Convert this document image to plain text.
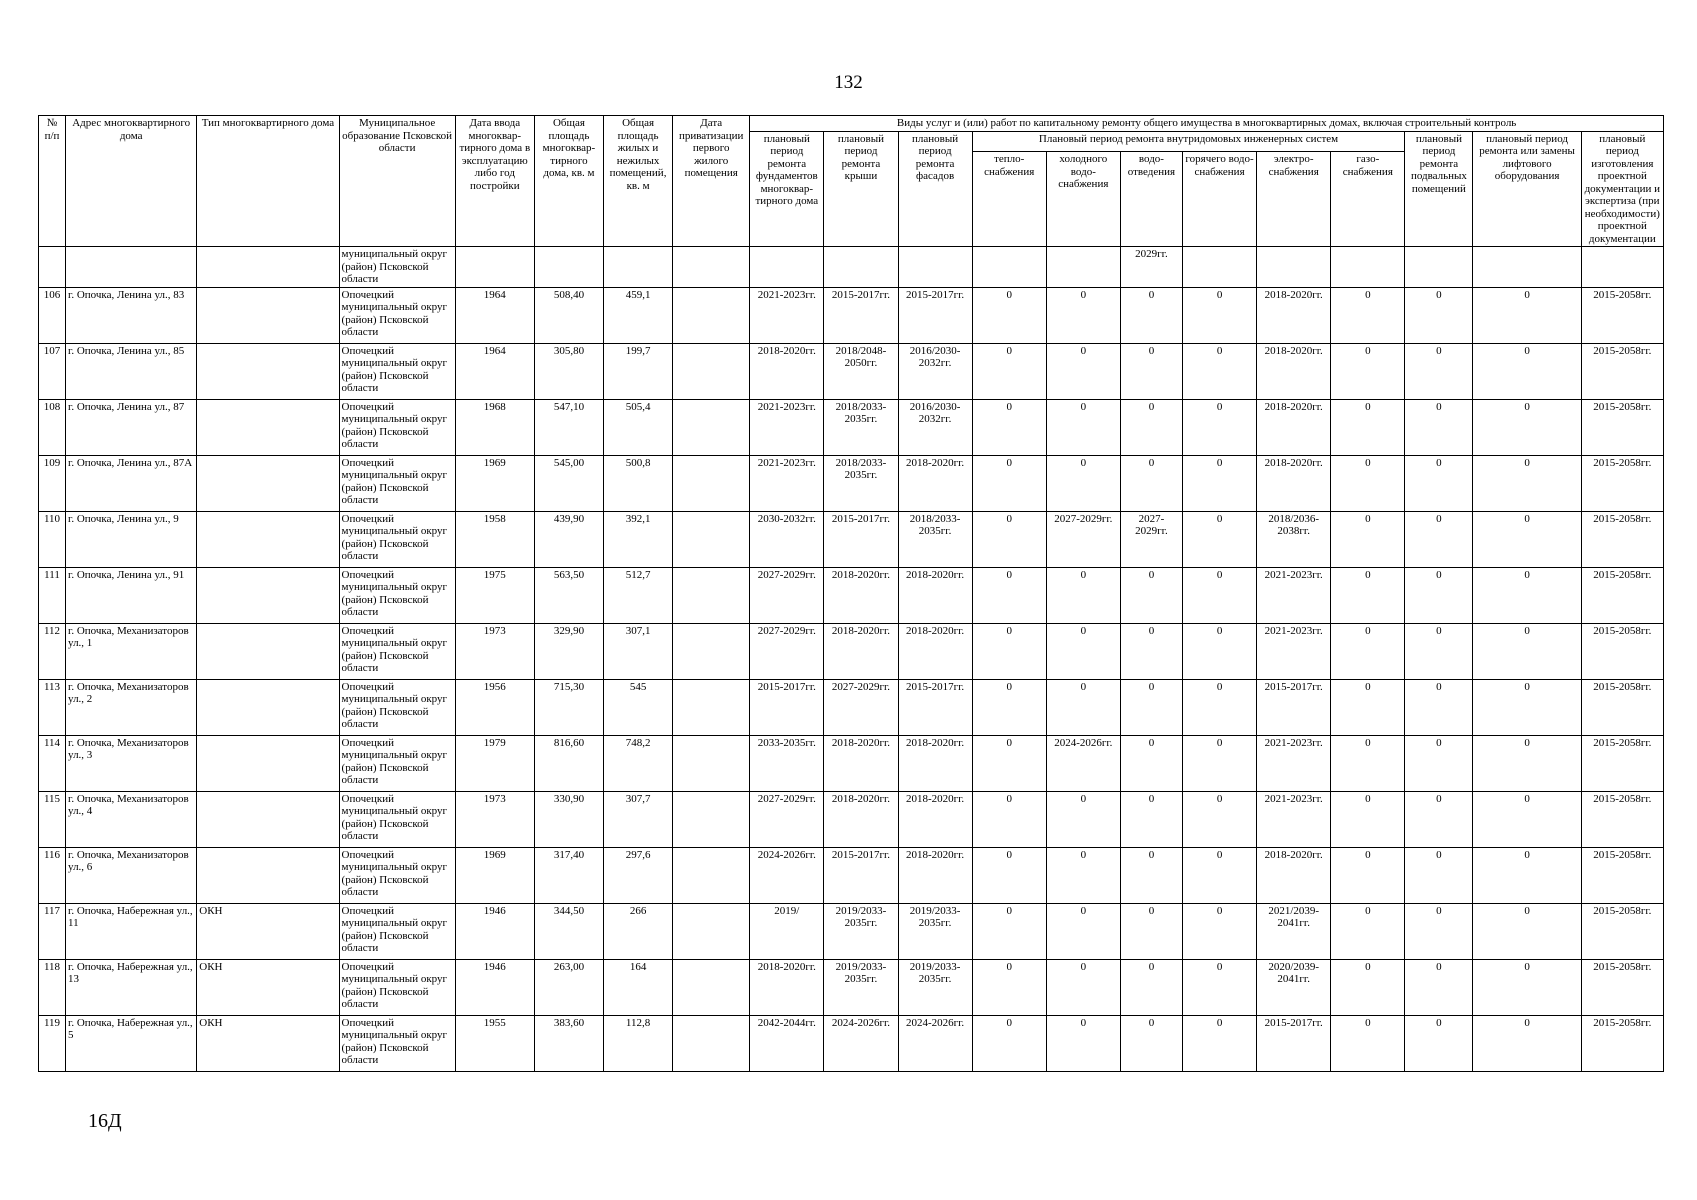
132
№ п/п	Адрес многоквартирного дома	Тип многоквартирного дома	Муниципальное образование Псковской области	Дата ввода многоквар-тирного дома в эксплуатацию либо год постройки	Общая площадь многоквар-тирного дома, кв. м	Общая площадь жилых и нежилых помещений, кв. м	Дата приватизации первого жилого помещения	Виды услуг и (или) работ по капитальному ремонту общего имущества в многоквартирных домах, включая строительный контроль											
								плановый период ремонта фундаментов многоквар-тирного дома	плановый период ремонта крыши	плановый период ремонта фасадов	Плановый период ремонта внутридомовых инженерных систем						плановый период ремонта подвальных помещений	плановый период ремонта или замены лифтового оборудования	плановый период изготовления проектной документации и экспертиза (при необходимости) проектной документации
											тепло-снабжения	холодного водо-снабжения	водо-отведения	горячего водо-снабжения	электро-снабжения	газо-снабжения			
			муниципальный округ (район) Псковской области										2029гг.						
106	г. Опочка, Ленина ул., 83		Опочецкий муниципальный округ (район) Псковской области	1964	508,40	459,1		2021-2023гг.	2015-2017гг.	2015-2017гг.	0	0	0	0	2018-2020гг.	0	0	0	2015-2058гг.
107	г. Опочка, Ленина ул., 85		Опочецкий муниципальный округ (район) Псковской области	1964	305,80	199,7		2018-2020гг.	2018/2048-2050гг.	2016/2030-2032гг.	0	0	0	0	2018-2020гг.	0	0	0	2015-2058гг.
108	г. Опочка, Ленина ул., 87		Опочецкий муниципальный округ (район) Псковской области	1968	547,10	505,4		2021-2023гг.	2018/2033-2035гг.	2016/2030-2032гг.	0	0	0	0	2018-2020гг.	0	0	0	2015-2058гг.
109	г. Опочка, Ленина ул., 87А		Опочецкий муниципальный округ (район) Псковской области	1969	545,00	500,8		2021-2023гг.	2018/2033-2035гг.	2018-2020гг.	0	0	0	0	2018-2020гг.	0	0	0	2015-2058гг.
110	г. Опочка, Ленина ул., 9		Опочецкий муниципальный округ (район) Псковской области	1958	439,90	392,1		2030-2032гг.	2015-2017гг.	2018/2033-2035гг.	0	2027-2029гг.	2027-2029гг.	0	2018/2036-2038гг.	0	0	0	2015-2058гг.
111	г. Опочка, Ленина ул., 91		Опочецкий муниципальный округ (район) Псковской области	1975	563,50	512,7		2027-2029гг.	2018-2020гг.	2018-2020гг.	0	0	0	0	2021-2023гг.	0	0	0	2015-2058гг.
112	г. Опочка, Механизаторов ул., 1		Опочецкий муниципальный округ (район) Псковской области	1973	329,90	307,1		2027-2029гг.	2018-2020гг.	2018-2020гг.	0	0	0	0	2021-2023гг.	0	0	0	2015-2058гг.
113	г. Опочка, Механизаторов ул., 2		Опочецкий муниципальный округ (район) Псковской области	1956	715,30	545		2015-2017гг.	2027-2029гг.	2015-2017гг.	0	0	0	0	2015-2017гг.	0	0	0	2015-2058гг.
114	г. Опочка, Механизаторов ул., 3		Опочецкий муниципальный округ (район) Псковской области	1979	816,60	748,2		2033-2035гг.	2018-2020гг.	2018-2020гг.	0	2024-2026гг.	0	0	2021-2023гг.	0	0	0	2015-2058гг.
115	г. Опочка, Механизаторов ул., 4		Опочецкий муниципальный округ (район) Псковской области	1973	330,90	307,7		2027-2029гг.	2018-2020гг.	2018-2020гг.	0	0	0	0	2021-2023гг.	0	0	0	2015-2058гг.
116	г. Опочка, Механизаторов ул., 6		Опочецкий муниципальный округ (район) Псковской области	1969	317,40	297,6		2024-2026гг.	2015-2017гг.	2018-2020гг.	0	0	0	0	2018-2020гг.	0	0	0	2015-2058гг.
117	г. Опочка, Набережная ул., 11	ОКН	Опочецкий муниципальный округ (район) Псковской области	1946	344,50	266		2019/	2019/2033-2035гг.	2019/2033-2035гг.	0	0	0	0	2021/2039-2041гг.	0	0	0	2015-2058гг.
118	г. Опочка, Набережная ул., 13	ОКН	Опочецкий муниципальный округ (район) Псковской области	1946	263,00	164		2018-2020гг.	2019/2033-2035гг.	2019/2033-2035гг.	0	0	0	0	2020/2039-2041гг.	0	0	0	2015-2058гг.
119	г. Опочка, Набережная ул., 5	ОКН	Опочецкий муниципальный округ (район) Псковской области	1955	383,60	112,8		2042-2044гг.	2024-2026гг.	2024-2026гг.	0	0	0	0	2015-2017гг.	0	0	0	2015-2058гг.
16Д
